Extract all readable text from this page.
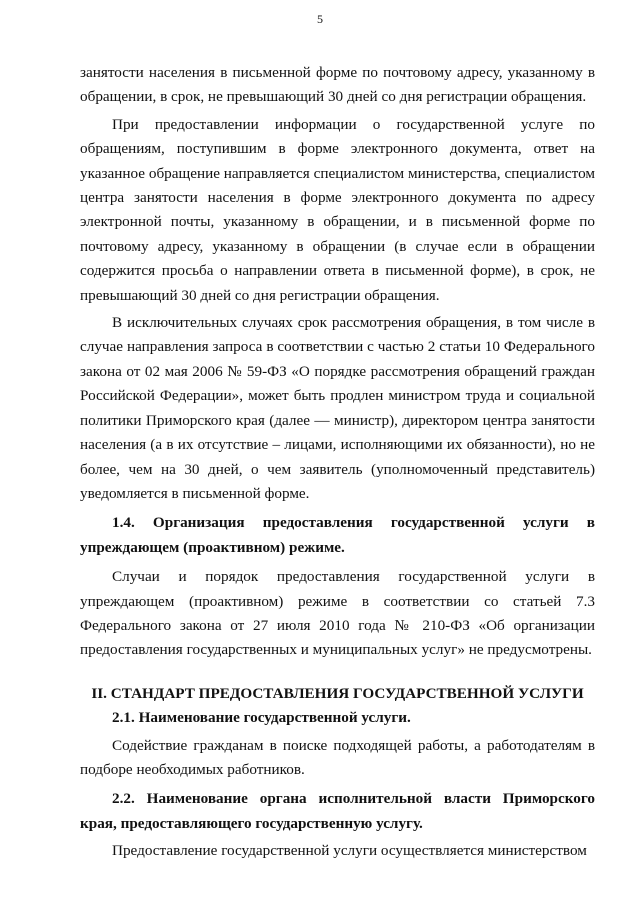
5

занятости населения в письменной форме по почтовому адресу, указанному в обращении, в срок, не превышающий 30 дней со дня регистрации обращения.

При предоставлении информации о государственной услуге по обращениям, поступившим в форме электронного документа, ответ на указанное обращение направляется специалистом министерства, специалистом центра занятости населения в форме электронного документа по адресу электронной почты, указанному в обращении, и в письменной форме по почтовому адресу, указанному в обращении (в случае если в обращении содержится просьба о направлении ответа в письменной форме), в срок, не превышающий 30 дней со дня регистрации обращения.

В исключительных случаях срок рассмотрения обращения, в том числе в случае направления запроса в соответствии с частью 2 статьи 10 Федерального закона от 02 мая 2006 № 59-ФЗ «О порядке рассмотрения обращений граждан Российской Федерации», может быть продлен министром труда и социальной политики Приморского края (далее — министр), директором центра занятости населения (а в их отсутствие – лицами, исполняющими их обязанности), но не более, чем на 30 дней, о чем заявитель (уполномоченный представитель) уведомляется в письменной форме.

1.4. Организация предоставления государственной услуги в упреждающем (проактивном) режиме.

Случаи и порядок предоставления государственной услуги в упреждающем (проактивном) режиме в соответствии со статьей 7.3 Федерального закона от 27 июля 2010 года № 210-ФЗ «Об организации предоставления государственных и муниципальных услуг» не предусмотрены.

II. СТАНДАРТ ПРЕДОСТАВЛЕНИЯ ГОСУДАРСТВЕННОЙ УСЛУГИ

2.1. Наименование государственной услуги.

Содействие гражданам в поиске подходящей работы, а работодателям в подборе необходимых работников.

2.2. Наименование органа исполнительной власти Приморского края, предоставляющего государственную услугу.

Предоставление государственной услуги осуществляется министерством
